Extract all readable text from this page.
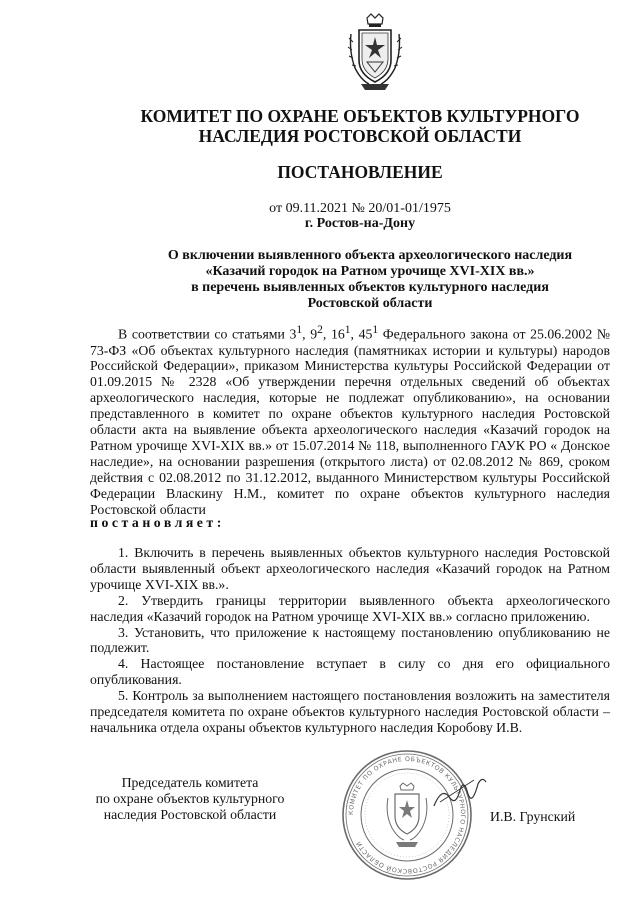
КОМИТЕТ ПО ОХРАНЕ ОБЪЕКТОВ КУЛЬТУРНОГО
НАСЛЕДИЯ РОСТОВСКОЙ ОБЛАСТИ
ПОСТАНОВЛЕНИЕ
от 09.11.2021 № 20/01-01/1975
г. Ростов-на-Дону

О включении выявленного объекта археологического наследия
«Казачий городок на Ратном урочище XVI-XIX вв.»
в перечень выявленных объектов культурного наследия
Ростовской области

В соответствии со статьями $3^1$, $9^2$, $16^1$, $45^1$ Федерального закона от 25.06.2002 № 73-ФЗ «Об объектах культурного наследия (памятниках истории и культуры) народов Российской Федерации», приказом Министерства культуры Российской Федерации от 01.09.2015 № 2328 «Об утверждении перечня отдельных сведений об объектах археологического наследия, которые не подлежат опубликованию», на основании представленного в комитет по охране объектов культурного наследия Ростовской области акта на выявление объекта археологического наследия «Казачий городок на Ратном урочище XVI-XIX вв.» от 15.07.2014 № 118, выполненного ГАУК РО « Донское наследие», на основании разрешения (открытого листа) от 02.08.2012 № 869, сроком действия с 02.08.2012 по 31.12.2012, выданного Министерством культуры Российской Федерации Власкину Н.М., комитет по охране объектов культурного наследия Ростовской области

постановляет:

1. Включить в перечень выявленных объектов культурного наследия Ростовской области выявленный объект археологического наследия «Казачий городок на Ратном урочище XVI-XIX вв.».

2. Утвердить границы территории выявленного объекта археологического наследия «Казачий городок на Ратном урочище XVI-XIX вв.» согласно приложению.

3. Установить, что приложение к настоящему постановлению опубликованию не подлежит.

4. Настоящее постановление вступает в силу со дня его официального опубликования.

5. Контроль за выполнением настоящего постановления возложить на заместителя председателя комитета по охране объектов культурного наследия Ростовской области – начальника отдела охраны объектов культурного наследия Коробову И.В.

КОМИТЕТ ПО ОХРАНЕ ОБЪЕКТОВ КУЛЬТУРНОГО НАСЛЕДИЯ РОСТОВСКОЙ ОБЛАСТИ

Председатель комитета
по охране объектов культурного
наследия Ростовской области	И.В. Грунский
